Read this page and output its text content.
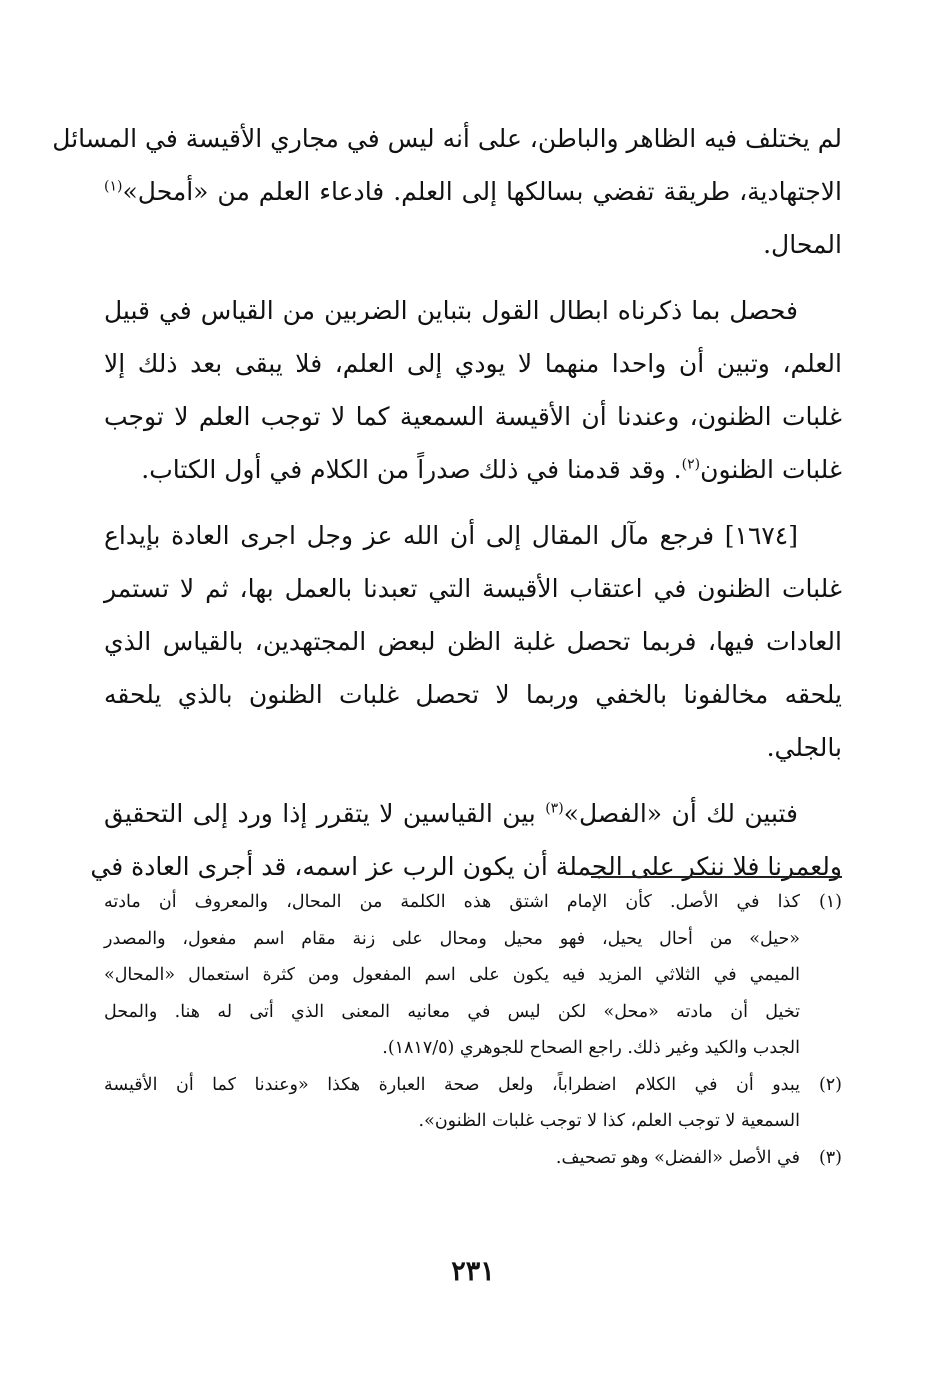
لم يختلف فيه الظاهر والباطن، على أنه ليس في مجاري الأقيسة في المسائل
الاجتهادية، طريقة تفضي بسالكها إلى العلم. فادعاء العلم من «أمحل»$^{(١)}$
المحال.

فحصل بما ذكرناه ابطال القول بتباين الضربين من القياس في قبيل
العلم، وتبين أن واحدا منهما لا يودي إلى العلم، فلا يبقى بعد ذلك إلا
غلبات الظنون، وعندنا أن الأقيسة السمعية كما لا توجب العلم لا توجب
غلبات الظنون$^{(٢)}$. وقد قدمنا في ذلك صدراً من الكلام في أول الكتاب.

[١٦٧٤] فرجع مآل المقال إلى أن الله عز وجل اجرى العادة بإيداع
غلبات الظنون في اعتقاب الأقيسة التي تعبدنا بالعمل بها، ثم لا تستمر
العادات فيها، فربما تحصل غلبة الظن لبعض المجتهدين، بالقياس الذي
يلحقه مخالفونا بالخفي وربما لا تحصل غلبات الظنون بالذي يلحقه
بالجلي.

فتبين لك أن «الفصل»$^{(٣)}$ بين القياسين لا يتقرر إذا ورد إلى التحقيق
ولعمرنا فلا ننكر على الجملة أن يكون الرب عز اسمه، قد أجرى العادة في

(١)
كذا في الأصل. كأن الإمام اشتق هذه الكلمة من المحال، والمعروف أن مادته
«حيل» من أحال يحيل، فهو محيل ومحال على زنة مقام اسم مفعول، والمصدر
الميمي في الثلاثي المزيد فيه يكون على اسم المفعول ومن كثرة استعمال «المحال»
تخيل أن مادته «محل» لكن ليس في معانيه المعنى الذي أتى له هنا. والمحل
الجدب والكيد وغير ذلك. راجع الصحاح للجوهري (١٨١٧/٥).
(٢)
يبدو أن في الكلام اضطراباً، ولعل صحة العبارة هكذا «وعندنا كما أن الأقيسة
السمعية لا توجب العلم، كذا لا توجب غلبات الظنون».
(٣)
في الأصل «الفضل» وهو تصحيف.
٢٣١
